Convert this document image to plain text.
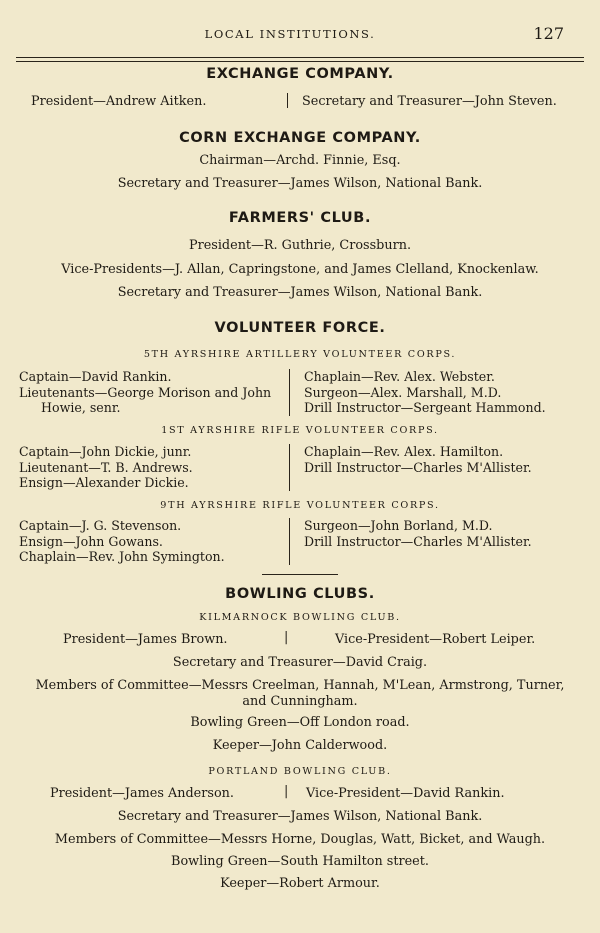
LOCAL INSTITUTIONS.	127
EXCHANGE COMPANY.
President—Andrew Aitken.	Secretary and Treasurer—John Steven.
CORN EXCHANGE COMPANY.
Chairman—Archd. Finnie, Esq.
Secretary and Treasurer—James Wilson, National Bank.
FARMERS' CLUB.
President—R. Guthrie, Crossburn.
Vice-Presidents—J. Allan, Capringstone, and James Clelland, Knockenlaw.
Secretary and Treasurer—James Wilson, National Bank.
VOLUNTEER FORCE.
5TH AYRSHIRE ARTILLERY VOLUNTEER CORPS.
Captain—David Rankin.
Lieutenants—George Morison and John
Howie, senr.
Chaplain—Rev. Alex. Webster.
Surgeon—Alex. Marshall, M.D.
Drill Instructor—Sergeant Hammond.
1ST AYRSHIRE RIFLE VOLUNTEER CORPS.
Captain—John Dickie, junr.
Lieutenant—T. B. Andrews.
Ensign—Alexander Dickie.
Chaplain—Rev. Alex. Hamilton.
Drill Instructor—Charles M'Allister.
9TH AYRSHIRE RIFLE VOLUNTEER CORPS.
Captain—J. G. Stevenson.
Ensign—John Gowans.
Chaplain—Rev. John Symington.
Surgeon—John Borland, M.D.
Drill Instructor—Charles M'Allister.
BOWLING CLUBS.
KILMARNOCK BOWLING CLUB.
President—James Brown.	|	Vice-President—Robert Leiper.
Secretary and Treasurer—David Craig.
Members of Committee—Messrs Creelman, Hannah, M'Lean, Armstrong, Turner,
and Cunningham.
Bowling Green—Off London road.
Keeper—John Calderwood.
PORTLAND BOWLING CLUB.
President—James Anderson.	| Vice-President—David Rankin.
Secretary and Treasurer—James Wilson, National Bank.
Members of Committee—Messrs Horne, Douglas, Watt, Bicket, and Waugh.
Bowling Green—South Hamilton street.
Keeper—Robert Armour.
